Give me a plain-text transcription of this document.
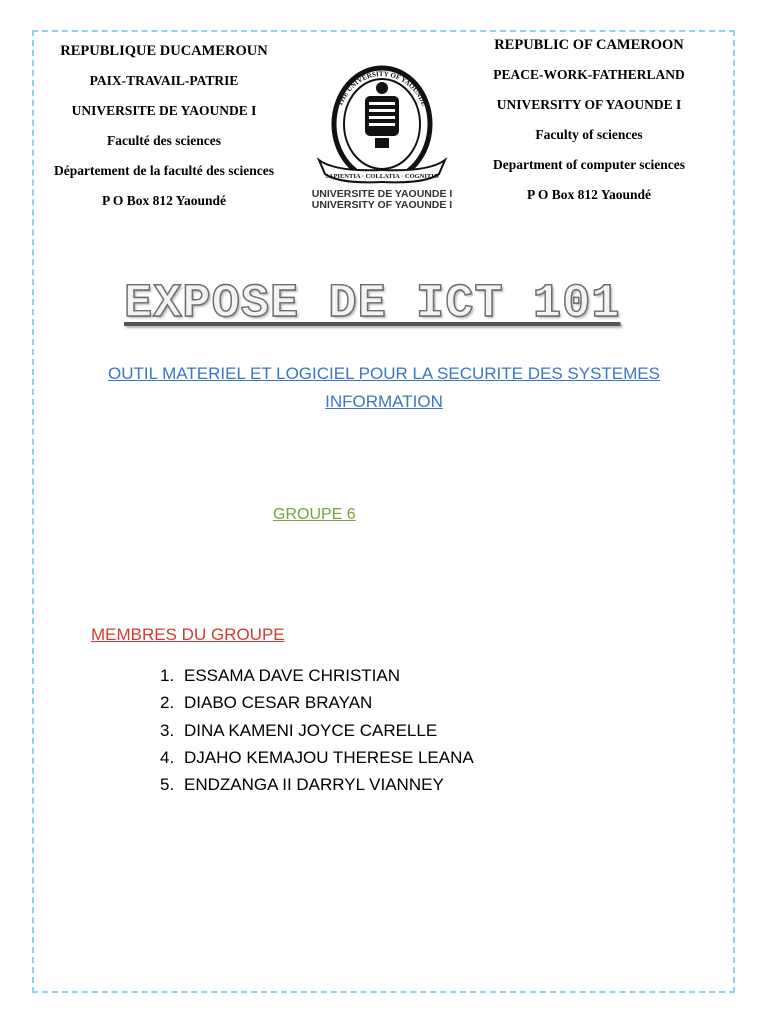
REPUBLIQUE DUCAMEROUN
PAIX-TRAVAIL-PATRIE
UNIVERSITE DE YAOUNDE I
Faculté des sciences
Département de la faculté des sciences
P O Box 812 Yaoundé
REPUBLIC OF CAMEROON
PEACE-WORK-FATHERLAND
UNIVERSITY OF YAOUNDE I
Faculty of sciences
Department of computer sciences
P O Box 812 Yaoundé
THE UNIVERSITY OF YAOUNDE
SAPIENTIA · COLLATIA · COGNITIO
UNIVERSITE DE YAOUNDE I
UNIVERSITY OF YAOUNDE I
EXPOSE DE ICT 101
OUTIL MATERIEL ET LOGICIEL POUR LA SECURITE DES SYSTEMES
INFORMATION
GROUPE 6
MEMBRES DU GROUPE
1. ESSAMA DAVE CHRISTIAN
2. DIABO CESAR BRAYAN
3. DINA KAMENI JOYCE CARELLE
4. DJAHO KEMAJOU THERESE LEANA
5. ENDZANGA II DARRYL VIANNEY
